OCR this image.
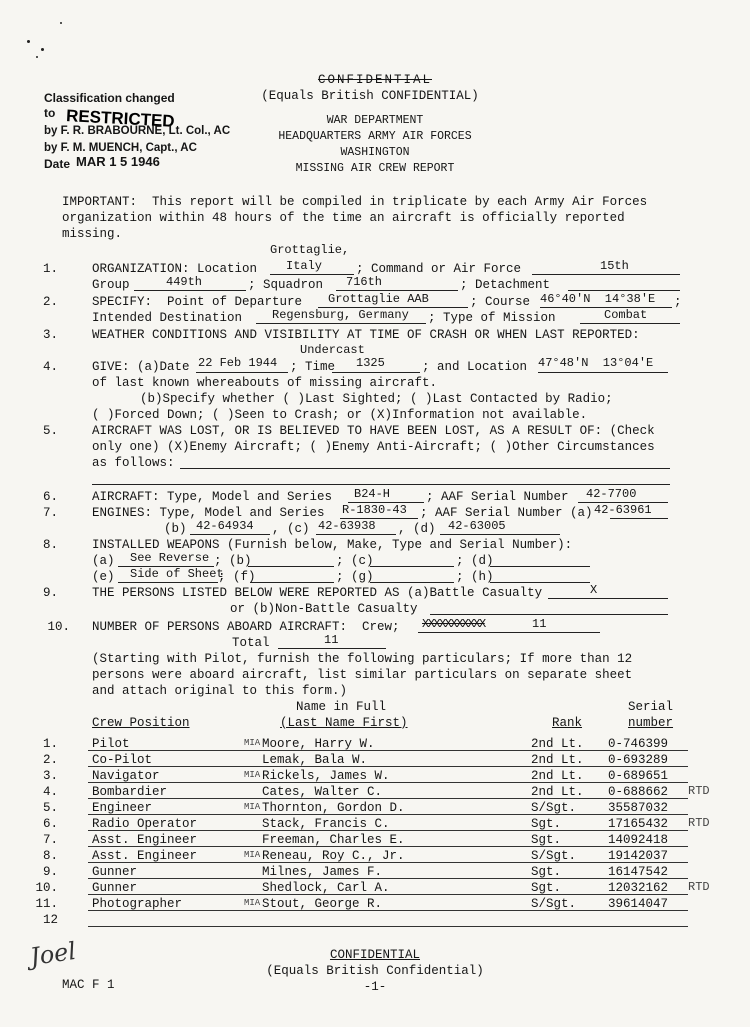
Classification changed
to RESTRICTED
by F. R. BRABOURNE, Lt. Col., AC
by F. M. MUENCH, Capt., AC
Date MAR 1 5 1946
CONFIDENTIAL
(Equals British CONFIDENTIAL)
WAR DEPARTMENT
HEADQUARTERS ARMY AIR FORCES
WASHINGTON
MISSING AIR CREW REPORT
IMPORTANT:  This report will be compiled in triplicate by each Army Air Forces
organization within 48 hours of the time an aircraft is officially reported
missing.
Grottaglie,
1.	ORGANIZATION: Location Italy	; Command or Air Force	15th
Group	449th	; Squadron 716th	; Detachment
2.	SPECIFY:  Point of Departure Grottaglie AAB	; Course 46°40'N  14°38'E ;
Intended Destination Regensburg, Germany ; Type of Mission	Combat
3.	WEATHER CONDITIONS AND VISIBILITY AT TIME OF CRASH OR WHEN LAST REPORTED:
Undercast
4.	GIVE: (a)Date 22 Feb 1944 ; Time 1325	; and Location 47°48'N  13°04'E
of last known whereabouts of missing aircraft.
(b)Specify whether ( )Last Sighted; ( )Last Contacted by Radio;
( )Forced Down; ( )Seen to Crash; or (X)Information not available.
5.	AIRCRAFT WAS LOST, OR IS BELIEVED TO HAVE BEEN LOST, AS A RESULT OF: (Check
only one) (X)Enemy Aircraft; ( )Enemy Anti-Aircraft; ( )Other Circumstances
as follows:
6.	AIRCRAFT: Type, Model and Series B24-H	; AAF Serial Number 42-7700
7.	ENGINES: Type, Model and Series R-1830-43 ; AAF Serial Number (a) 42-63961
(b) 42-64934 , (c) 42-63938 , (d) 42-63005
8.	INSTALLED WEAPONS (Furnish below, Make, Type and Serial Number):
(a) See Reverse ; (b)	; (c)	; (d)
(e) Side of Sheet
; (f)	; (g)	; (h)
9.	THE PERSONS LISTED BELOW WERE REPORTED AS (a)Battle Casualty	X
or (b)Non-Battle Casualty
10. NUMBER OF PERSONS ABOARD AIRCRAFT:  Crew; XXXXXXXXXXX	11
Total	11
(Starting with Pilot, furnish the following particulars; If more than 12
persons were aboard aircraft, list similar particulars on separate sheet
and attach original to this form.)
Name in Full
(Last Name First)
Crew Position	Rank
Serial
number
1.	Pilot	MIA Moore, Harry W.	2nd Lt. 0-746399
2.	Co-Pilot	Lemak, Bala W.	2nd Lt. 0-693289
3.	Navigator	MIA Rickels, James W.	2nd Lt. 0-689651
4.	Bombardier	Cates, Walter C.	2nd Lt. 0-688662 RTD
5.	Engineer	MIA Thornton, Gordon D.	S/Sgt.	35587032
6.	Radio Operator	Stack, Francis C.	Sgt.	17165432 RTD
7.	Asst. Engineer	Freeman, Charles E.	Sgt.	14092418
8.	Asst. Engineer	MIA Reneau, Roy C., Jr.	S/Sgt.	19142037
9.	Gunner	Milnes, James F.	Sgt.	16147542
10.	Gunner	Shedlock, Carl A.	Sgt.	12032162 RTD
11.	Photographer	MIA Stout, George R.	S/Sgt.	39614047
12
Joel	CONFIDENTIAL
(Equals British Confidential)
MAC F 1	-1-
